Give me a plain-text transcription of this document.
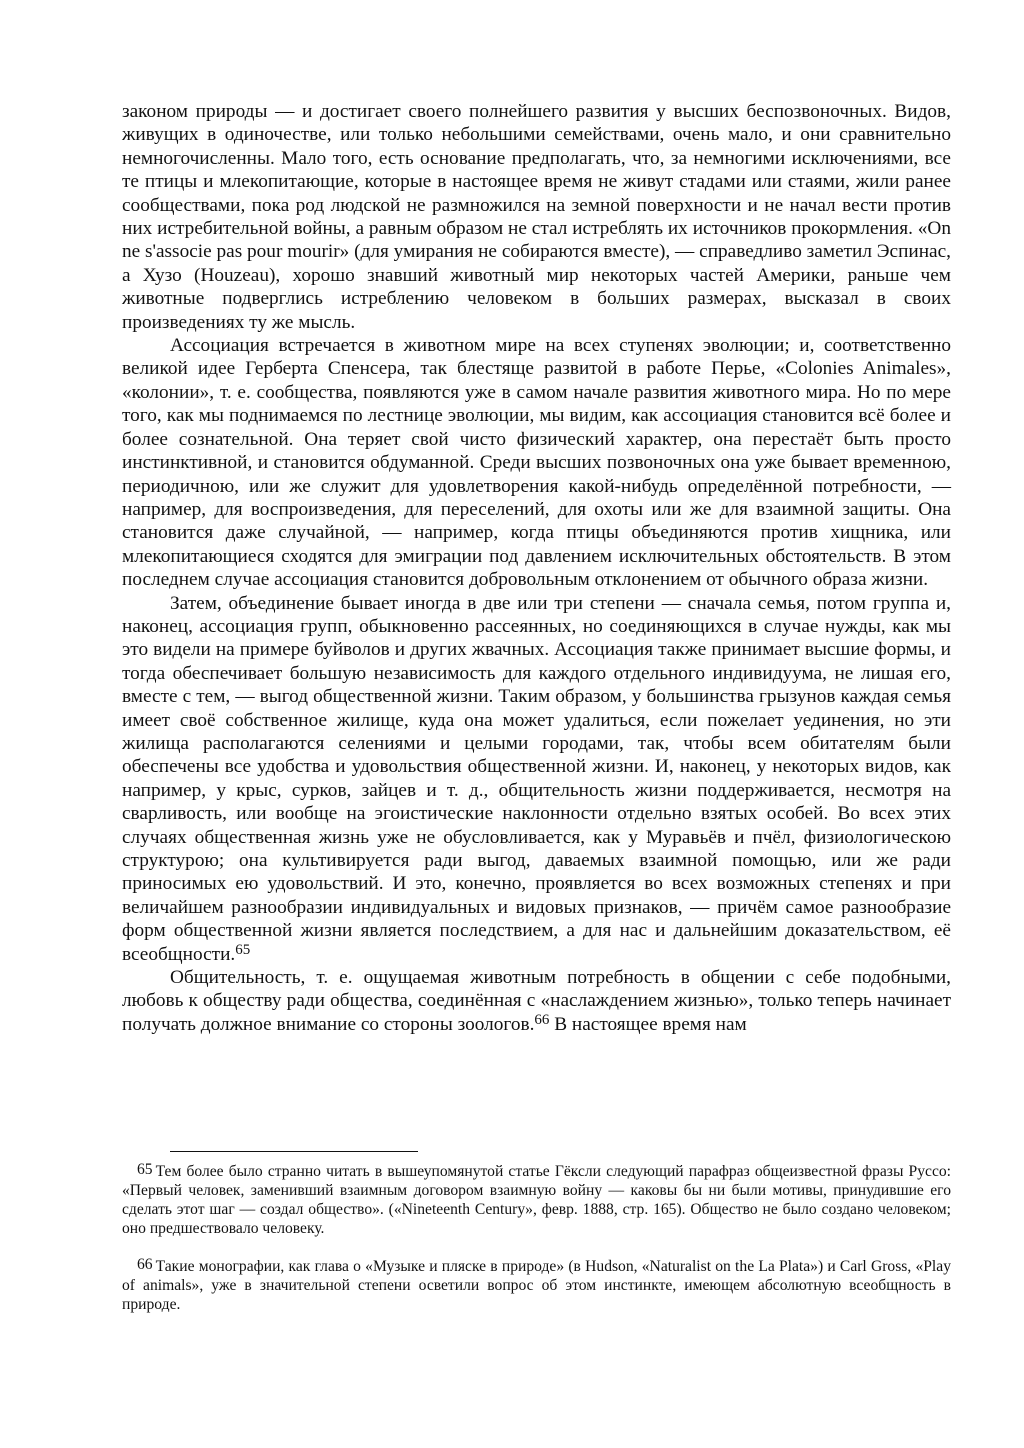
законом природы — и достигает своего полнейшего развития у высших беспозвоночных. Видов, живущих в одиночестве, или только небольшими семействами, очень мало, и они сравнительно немногочисленны. Мало того, есть основание предполагать, что, за немногими исключениями, все те птицы и млекопитающие, которые в настоящее время не живут стадами или стаями, жили ранее сообществами, пока род людской не размножился на земной поверхности и не начал вести против них истребительной войны, а равным образом не стал истреблять их источников прокормления. «On ne s'associe pas pour mourir» (для умирания не собираются вместе), — справедливо заметил Эспинас, а Хузо (Houzeau), хорошо знавший животный мир некоторых частей Америки, раньше чем животные подверглись истреблению человеком в больших размерах, высказал в своих произведениях ту же мысль.

Ассоциация встречается в животном мире на всех ступенях эволюции; и, соответственно великой идее Герберта Спенсера, так блестяще развитой в работе Перье, «Colonies Animales», «колонии», т. е. сообщества, появляются уже в самом начале развития животного мира. Но по мере того, как мы поднимаемся по лестнице эволюции, мы видим, как ассоциация становится всё более и более сознательной. Она теряет свой чисто физический характер, она перестаёт быть просто инстинктивной, и становится обдуманной. Среди высших позвоночных она уже бывает временною, периодичною, или же служит для удовлетворения какой-нибудь определённой потребности, — например, для воспроизведения, для переселений, для охоты или же для взаимной защиты. Она становится даже случайной, — например, когда птицы объединяются против хищника, или млекопитающиеся сходятся для эмиграции под давлением исключительных обстоятельств. В этом последнем случае ассоциация становится добровольным отклонением от обычного образа жизни.

Затем, объединение бывает иногда в две или три степени — сначала семья, потом группа и, наконец, ассоциация групп, обыкновенно рассеянных, но соединяющихся в случае нужды, как мы это видели на примере буйволов и других жвачных. Ассоциация также принимает высшие формы, и тогда обеспечивает большую независимость для каждого отдельного индивидуума, не лишая его, вместе с тем, — выгод общественной жизни. Таким образом, у большинства грызунов каждая семья имеет своё собственное жилище, куда она может удалиться, если пожелает уединения, но эти жилища располагаются селениями и целыми городами, так, чтобы всем обитателям были обеспечены все удобства и удовольствия общественной жизни. И, наконец, у некоторых видов, как например, у крыс, сурков, зайцев и т. д., общительность жизни поддерживается, несмотря на сварливость, или вообще на эгоистические наклонности отдельно взятых особей. Во всех этих случаях общественная жизнь уже не обусловливается, как у Муравьёв и пчёл, физиологическою структурою; она культивируется ради выгод, даваемых взаимной помощью, или же ради приносимых ею удовольствий. И это, конечно, проявляется во всех возможных степенях и при величайшем разнообразии индивидуальных и видовых признаков, — причём самое разнообразие форм общественной жизни является последствием, а для нас и дальнейшим доказательством, её всеобщности.$^{65}$

Общительность, т. е. ощущаемая животным потребность в общении с себе подобными, любовь к обществу ради общества, соединённая с «наслаждением жизнью», только теперь начинает получать должное внимание со стороны зоологов.$^{66}$ В настоящее время нам

65 Тем более было странно читать в вышеупомянутой статье Гёксли следующий парафраз общеизвестной фразы Руссо: «Первый человек, заменивший взаимным договором взаимную войну — каковы бы ни были мотивы, принудившие его сделать этот шаг — создал общество». («Nineteenth Century», февр. 1888, стр. 165). Общество не было создано человеком; оно предшествовало человеку.

66 Такие монографии, как глава о «Музыке и пляске в природе» (в Hudson, «Naturalist on the La Plata») и Carl Gross, «Play of animals», уже в значительной степени осветили вопрос об этом инстинкте, имеющем абсолютную всеобщность в природе.
